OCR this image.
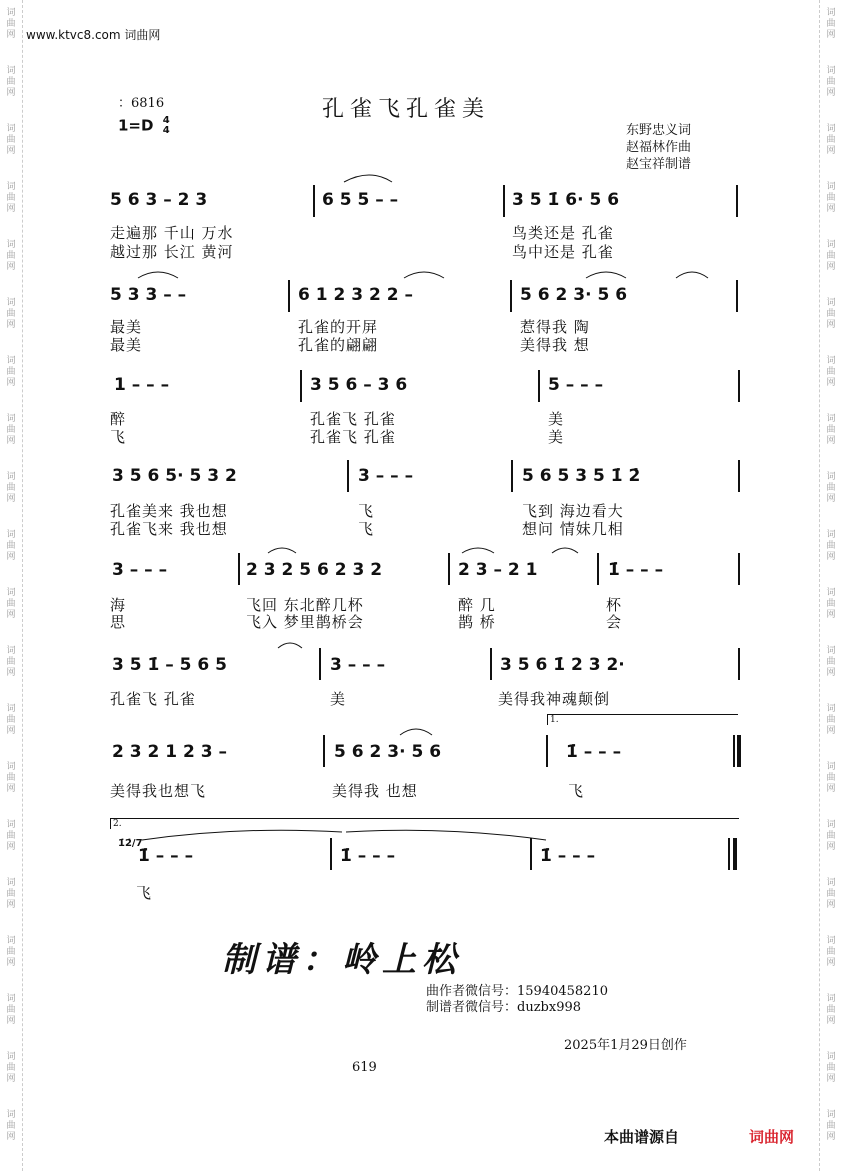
词
曲
网
词
曲
网
词
曲
网
词
曲
网
词
曲
网
词
曲
网
词
曲
网
词
曲
网
词
曲
网
词
曲
网
词
曲
网
词
曲
网
词
曲
网
词
曲
网
词
曲
网
词
曲
网
词
曲
网
词
曲
网
词
曲
网
词
曲
网
词
曲
网
词
曲
网
词
曲
网
词
曲
网
词
曲
网
词
曲
网
词
曲
网
词
曲
网
词
曲
网
词
曲
网
词
曲
网
词
曲
网
词
曲
网
词
曲
网
词
曲
网
词
曲
网
词
曲
网
词
曲
网
词
曲
网
词
曲
网
www.ktvc8.com 词曲网
：6816
1=D 4
4
孔雀飞孔雀美
东野忠义词
赵福林作曲
赵宝祥制谱
5 6 3 – 2 3	6 5 5 – –	3 5 1̇ 6· 5 6
走遍那 千山 万水	鸟类还是 孔雀
越过那 长江 黄河	鸟中还是 孔雀
5 3 3 – –	6 1 2 3 2 2 –	5 6 2 3· 5 6
最美	孔雀的开屏	惹得我 陶
最美	孔雀的翩翩	美得我 想
1 – – –	3 5 6 – 3 6	5 – – –
醉	孔雀飞 孔雀	美
飞	孔雀飞 孔雀	美
3 5 6 5· 5 3 2	3 – – –	5 6 5 3 5 1̇ 2̇
孔雀美来 我也想	飞	飞到 海边看大
孔雀飞来 我也想	飞	想问 情妹几相
3 – – –	2 3 2 5 6 2 3 2	2 3 – 2 1	1̇ – – –
海	飞回 东北醉几杯	醉 几	杯
思	飞入 梦里鹊桥会	鹊 桥	会
3 5 1̇ – 5 6 5	3 – – –	3 5 6 1̇ 2 3 2·
孔雀飞 孔雀	美	美得我神魂颠倒
1.
2 3 2 1 2 3 –	5 6 2 3· 5 6	1̇ – – –
美得我也想飞	美得我 也想	飞
2.
1̇2̇/7
1̇ – – –	1̇ – – –	1̇ – – –
飞
制谱：岭上松
曲作者微信号：15940458210
制谱者微信号：duzbx998
2025年1月29日创作
619
本曲谱源自	词曲网
